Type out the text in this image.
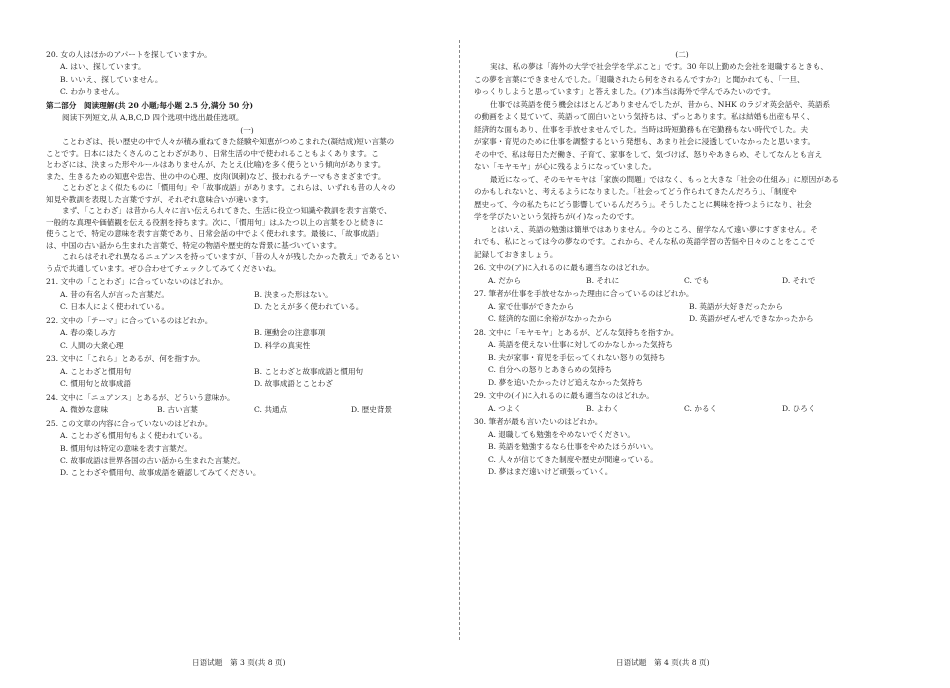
20. 女の人はほかのアパートを探していますか。

A. はい、探しています。

B. いいえ、探していません。

C. わかりません。

第二部分　阅读理解(共 20 小题;每小题 2.5 分,满分 50 分)

阅读下列短文,从 A,B,C,D 四个选项中选出最佳选项。

(一)

ことわざは、長い歴史の中で人々が積み重ねてきた経験や知恵がつめこまれた(凝结成)短い言葉の

ことです。日本にはたくさんのことわざがあり、日常生活の中で使われることもよくあります。こ

とわざには、決まった形やルールはありませんが、たとえ(比喻)を多く使うという傾向があります。

また、生きるための知恵や忠告、世の中の心理、皮肉(讽刺)など、扱われるテーマもさまざまです。

ことわざとよく似たものに「慣用句」や「故事成語」があります。これらは、いずれも昔の人々の

知見や教訓を表現した言葉ですが、それぞれ意味合いが違います。

まず、「ことわざ」は昔から人々に言い伝えられてきた、生活に役立つ知識や教訓を表す言葉で、

一般的な真理や価値観を伝える役割を持ちます。次に、「慣用句」はふたつ以上の言葉をひと続きに

使うことで、特定の意味を表す言葉であり、日常会話の中でよく使われます。最後に、「故事成語」

は、中国の古い話から生まれた言葉で、特定の物語や歴史的な背景に基づいています。

これらはそれぞれ異なるニュアンスを持っていますが、「昔の人々が残したかった教え」であるとい

う点で共通しています。ぜひ合わせてチェックしてみてくださいね。

21. 文中の「ことわざ」に合っていないのはどれか。

A. 昔の有名人が言った言葉だ。	B. 決まった形はない。
C. 日本人によく使われている。	D. たとえが多く使われている。

22. 文中の「テーマ」に合っているのはどれか。

A. 春の楽しみ方	B. 運動会の注意事項
C. 人間の大衆心理	D. 科学の真実性

23. 文中に「これら」とあるが、何を指すか。

A. ことわざと慣用句	B. ことわざと故事成語と慣用句
C. 慣用句と故事成語	D. 故事成語とことわざ

24. 文中に「ニュアンス」とあるが、どういう意味か。

A. 微妙な意味	B. 古い言葉	C. 共通点	D. 歴史背景

25. この文章の内容に合っていないのはどれか。

A. ことわざも慣用句もよく使われている。

B. 慣用句は特定の意味を表す言葉だ。

C. 故事成語は世界各国の古い話から生まれた言葉だ。

D. ことわざや慣用句、故事成語を確認してみてください。

日语试题　第 3 页(共 8 页)

(二)

実は、私の夢は「海外の大学で社会学を学ぶこと」です。30 年以上勤めた会社を退職するときも、

この夢を言葉にできませんでした。「退職されたら何をされるんですか?」と聞かれても、「一旦、

ゆっくりしようと思っています」と答えました。(ア)本当は海外で学んでみたいのです。

仕事では英語を使う機会はほとんどありませんでしたが、昔から、NHK のラジオ英会話や、英語系

の動画をよく見ていて、英語って面白いという気持ちは、ずっとあります。私は結婚も出産も早く、

経済的な面もあり、仕事を手放せませんでした。当時は時短勤務も在宅勤務もない時代でした。夫

が家事・育児のために仕事を調整するという発想も、あまり社会に浸透していなかったと思います。

その中で、私は毎日ただ働き、子育て、家事をして、気づけば、怒りやあきらめ、そしてなんとも言え

ない「モヤモヤ」が心に残るようになっていました。

最近になって、そのモヤモヤは「家族の問題」ではなく、もっと大きな「社会の仕組み」に原因がある

のかもしれないと、考えるようになりました。「社会ってどう作られてきたんだろう」、「制度や

歴史って、今の私たちにどう影響しているんだろう」。そうしたことに興味を持つようになり、社会

学を学びたいという気持ちが(イ)なったのです。

とはいえ、英語の勉強は簡単ではありません。今のところ、留学なんて遠い夢にすぎません。そ

れでも、私にとっては今の夢なのです。これから、そんな私の英語学習の苦悩や日々のことをここで

記録しておきましょう。

26. 文中の(ア)に入れるのに最も適当なのはどれか。

A. だから	B. それに	C. でも	D. それで

27. 筆者が仕事を手放せなかった理由に合っているのはどれか。

A. 家で仕事ができたから	B. 英語が大好きだったから
C. 経済的な面に余裕がなかったから	D. 英語がぜんぜんできなかったから

28. 文中に「モヤモヤ」とあるが、どんな気持ちを指すか。

A. 英語を使えない仕事に対してのかなしかった気持ち

B. 夫が家事・育児を手伝ってくれない怒りの気持ち

C. 自分への怒りとあきらめの気持ち

D. 夢を追いたかったけど追えなかった気持ち

29. 文中の(イ)に入れるのに最も適当なのはどれか。

A. つよく	B. よわく	C. かるく	D. ひろく

30. 筆者が最も言いたいのはどれか。

A. 退職しても勉強をやめないでください。

B. 英語を勉強するなら仕事をやめたほうがいい。

C. 人々が信じてきた制度や歴史が間違っている。

D. 夢はまだ遠いけど頑張っていく。

日语试题　第 4 页(共 8 页)
